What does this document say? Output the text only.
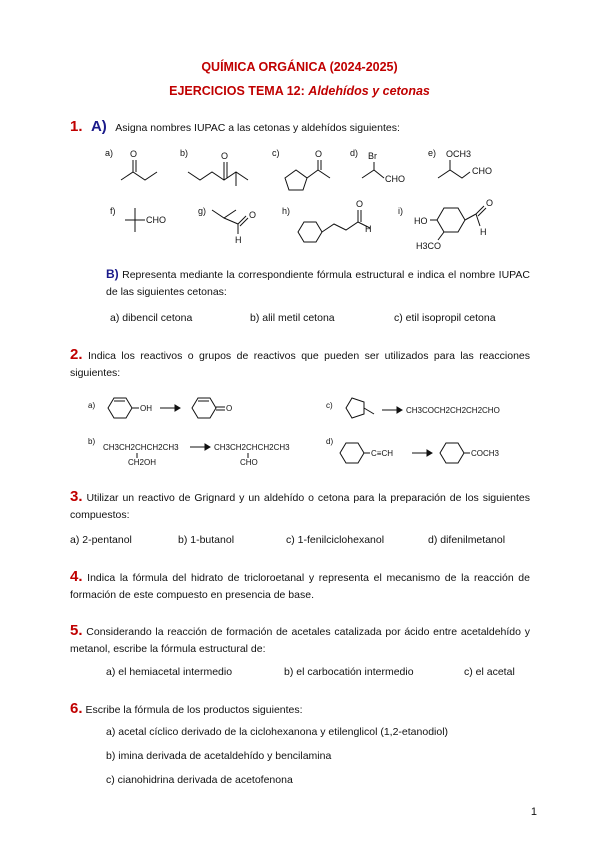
QUÍMICA ORGÁNICA (2024-2025)
EJERCICIOS TEMA 12: Aldehídos y cetonas
1. A) Asigna nombres IUPAC a las cetonas y aldehídos siguientes:
a) O	b)	O	c)	O	d) Br
CHO
e) OCH3
CHO
f)
CHO
g)	O
H
h)
O
H
i)
HO
H3CO
O
H
B) Representa mediante la correspondiente fórmula estructural e indica el nombre IUPAC de las siguientes cetonas:
a) dibencil cetona	b) alil metil cetona	c) etil isopropil cetona
2. Indica los reactivos o grupos de reactivos que pueden ser utilizados para las reacciones siguientes:
a)	OH	O	c)
CH3COCH2CH2CH2CHO
b)
CH3CH2CHCH2CH3
CH2OH
CH3CH2CHCH2CH3
CHO
d)
C≡CH	COCH3
3. Utilizar un reactivo de Grignard y un aldehído o cetona para la preparación de los siguientes compuestos:
a) 2-pentanol	b) 1-butanol	c) 1-fenilciclohexanol	d) difenilmetanol
4. Indica la fórmula del hidrato de tricloroetanal y representa el mecanismo de la reacción de formación de este compuesto en presencia de base.
5. Considerando la reacción de formación de acetales catalizada por ácido entre acetaldehído y metanol, escribe la fórmula estructural de:
a) el hemiacetal intermedio	b) el carbocatión intermedio	c) el acetal
6. Escribe la fórmula de los productos siguientes:
a) acetal cíclico derivado de la ciclohexanona y etilenglicol (1,2-etanodiol)
b) imina derivada de acetaldehído y bencilamina
c) cianohidrina derivada de acetofenona
1
